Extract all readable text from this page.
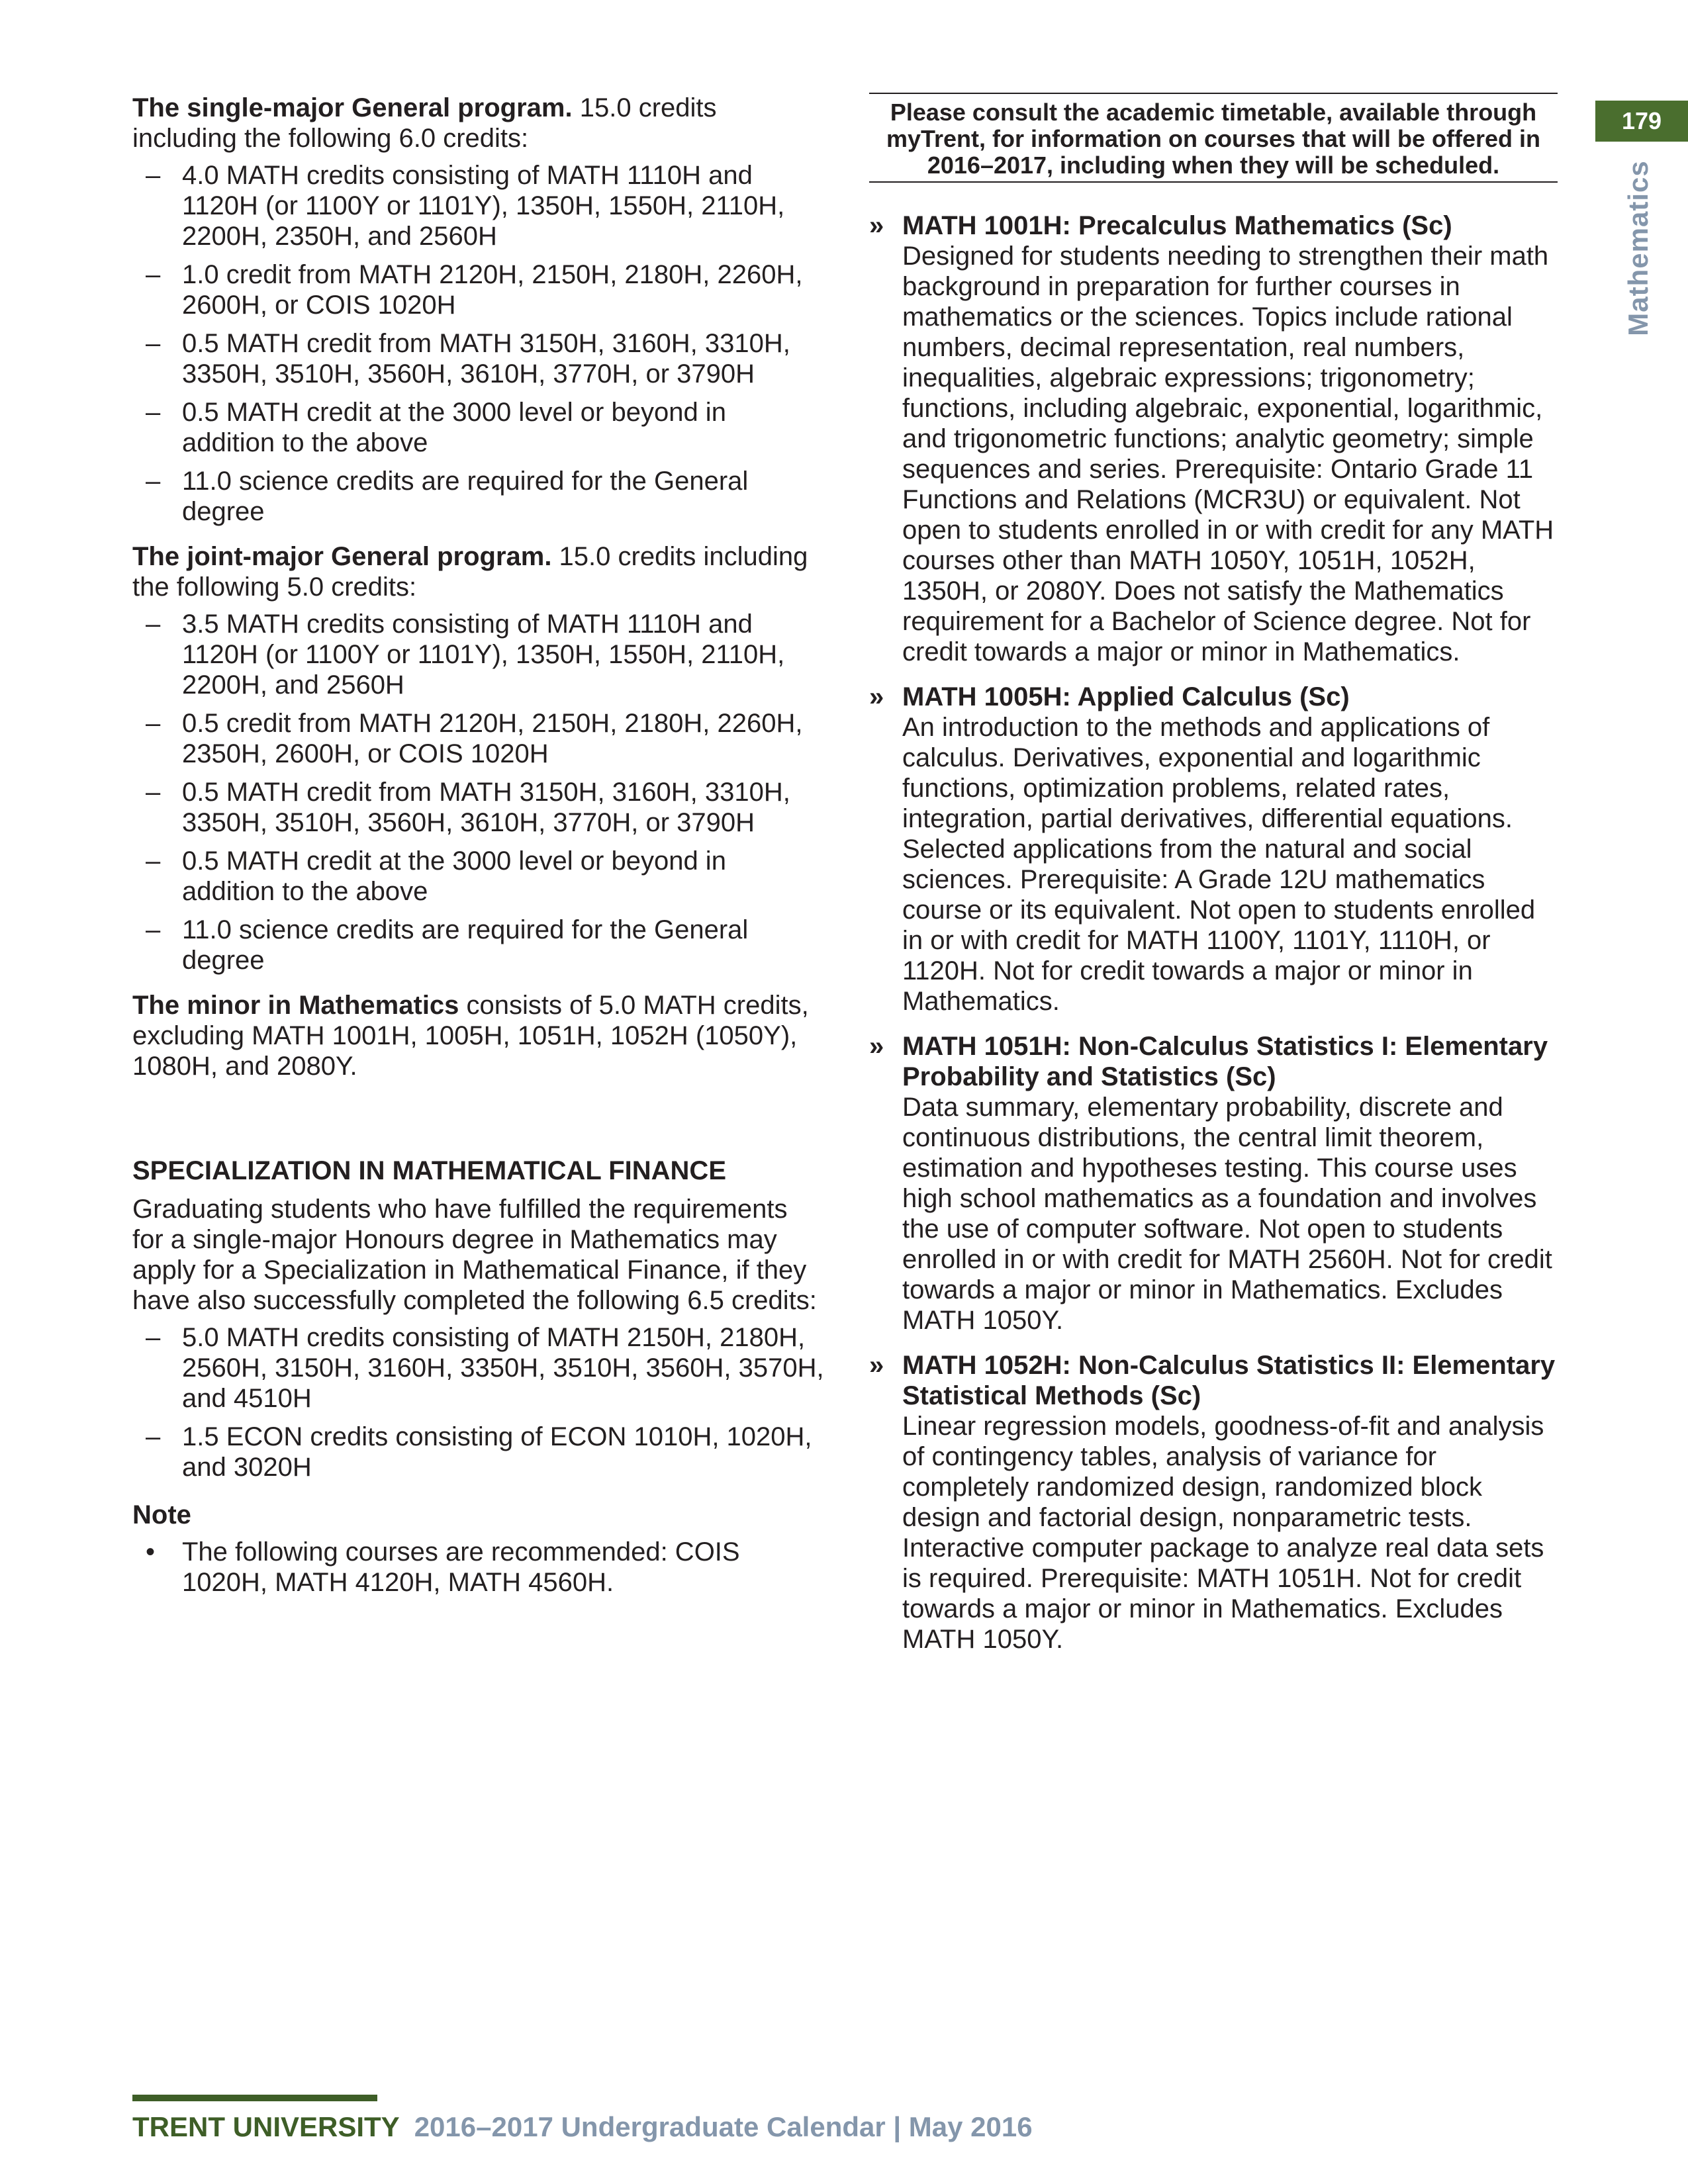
179
Mathematics

The single-major General program. 15.0 credits including the following 6.0 credits:

– 4.0 MATH credits consisting of MATH 1110H and 1120H (or 1100Y or 1101Y), 1350H, 1550H, 2110H, 2200H, 2350H, and 2560H
– 1.0 credit from MATH 2120H, 2150H, 2180H, 2260H, 2600H, or COIS 1020H
– 0.5 MATH credit from MATH 3150H, 3160H, 3310H, 3350H, 3510H, 3560H, 3610H, 3770H, or 3790H
– 0.5 MATH credit at the 3000 level or beyond in addition to the above
– 11.0 science credits are required for the General degree

The joint-major General program. 15.0 credits including the following 5.0 credits:

– 3.5 MATH credits consisting of MATH 1110H and 1120H (or 1100Y or 1101Y), 1350H, 1550H, 2110H, 2200H, and 2560H
– 0.5 credit from MATH 2120H, 2150H, 2180H, 2260H, 2350H, 2600H, or COIS 1020H
– 0.5 MATH credit from MATH 3150H, 3160H, 3310H, 3350H, 3510H, 3560H, 3610H, 3770H, or 3790H
– 0.5 MATH credit at the 3000 level or beyond in addition to the above
– 11.0 science credits are required for the General degree

The minor in Mathematics consists of 5.0 MATH credits, excluding MATH 1001H, 1005H, 1051H, 1052H (1050Y), 1080H, and 2080Y.

SPECIALIZATION IN MATHEMATICAL FINANCE

Graduating students who have fulfilled the requirements for a single-major Honours degree in Mathematics may apply for a Specialization in Mathematical Finance, if they have also successfully completed the following 6.5 credits:

– 5.0 MATH credits consisting of MATH 2150H, 2180H, 2560H, 3150H, 3160H, 3350H, 3510H, 3560H, 3570H, and 4510H
– 1.5 ECON credits consisting of ECON 1010H, 1020H, and 3020H
Note
• The following courses are recommended: COIS 1020H, MATH 4120H, MATH 4560H.
Please consult the academic timetable, available through myTrent, for information on courses that will be offered in 2016–2017, including when they will be scheduled.
» MATH 1001H: Precalculus Mathematics (Sc)

Designed for students needing to strengthen their math background in preparation for further courses in mathematics or the sciences. Topics include rational numbers, decimal representation, real numbers, inequalities, algebraic expressions; trigonometry; functions, including algebraic, exponential, logarithmic, and trigonometric functions; analytic geometry; simple sequences and series. Prerequisite: Ontario Grade 11 Functions and Relations (MCR3U) or equivalent. Not open to students enrolled in or with credit for any MATH courses other than MATH 1050Y, 1051H, 1052H, 1350H, or 2080Y. Does not satisfy the Mathematics requirement for a Bachelor of Science degree. Not for credit towards a major or minor in Mathematics.

» MATH 1005H: Applied Calculus (Sc)

An introduction to the methods and applications of calculus. Derivatives, exponential and logarithmic functions, optimization problems, related rates, integration, partial derivatives, differential equations. Selected applications from the natural and social sciences. Prerequisite: A Grade 12U mathematics course or its equivalent. Not open to students enrolled in or with credit for MATH 1100Y, 1101Y, 1110H, or 1120H. Not for credit towards a major or minor in Mathematics.

» MATH 1051H: Non-Calculus Statistics I: Elementary Probability and Statistics (Sc)

Data summary, elementary probability, discrete and continuous distributions, the central limit theorem, estimation and hypotheses testing. This course uses high school mathematics as a foundation and involves the use of computer software. Not open to students enrolled in or with credit for MATH 2560H. Not for credit towards a major or minor in Mathematics. Excludes MATH 1050Y.

» MATH 1052H: Non-Calculus Statistics II: Elementary Statistical Methods (Sc)

Linear regression models, goodness-of-fit and analysis of contingency tables, analysis of variance for completely randomized design, randomized block design and factorial design, nonparametric tests. Interactive computer package to analyze real data sets is required. Prerequisite: MATH 1051H. Not for credit towards a major or minor in Mathematics. Excludes MATH 1050Y.

TRENT UNIVERSITY 2016–2017 Undergraduate Calendar | May 2016
